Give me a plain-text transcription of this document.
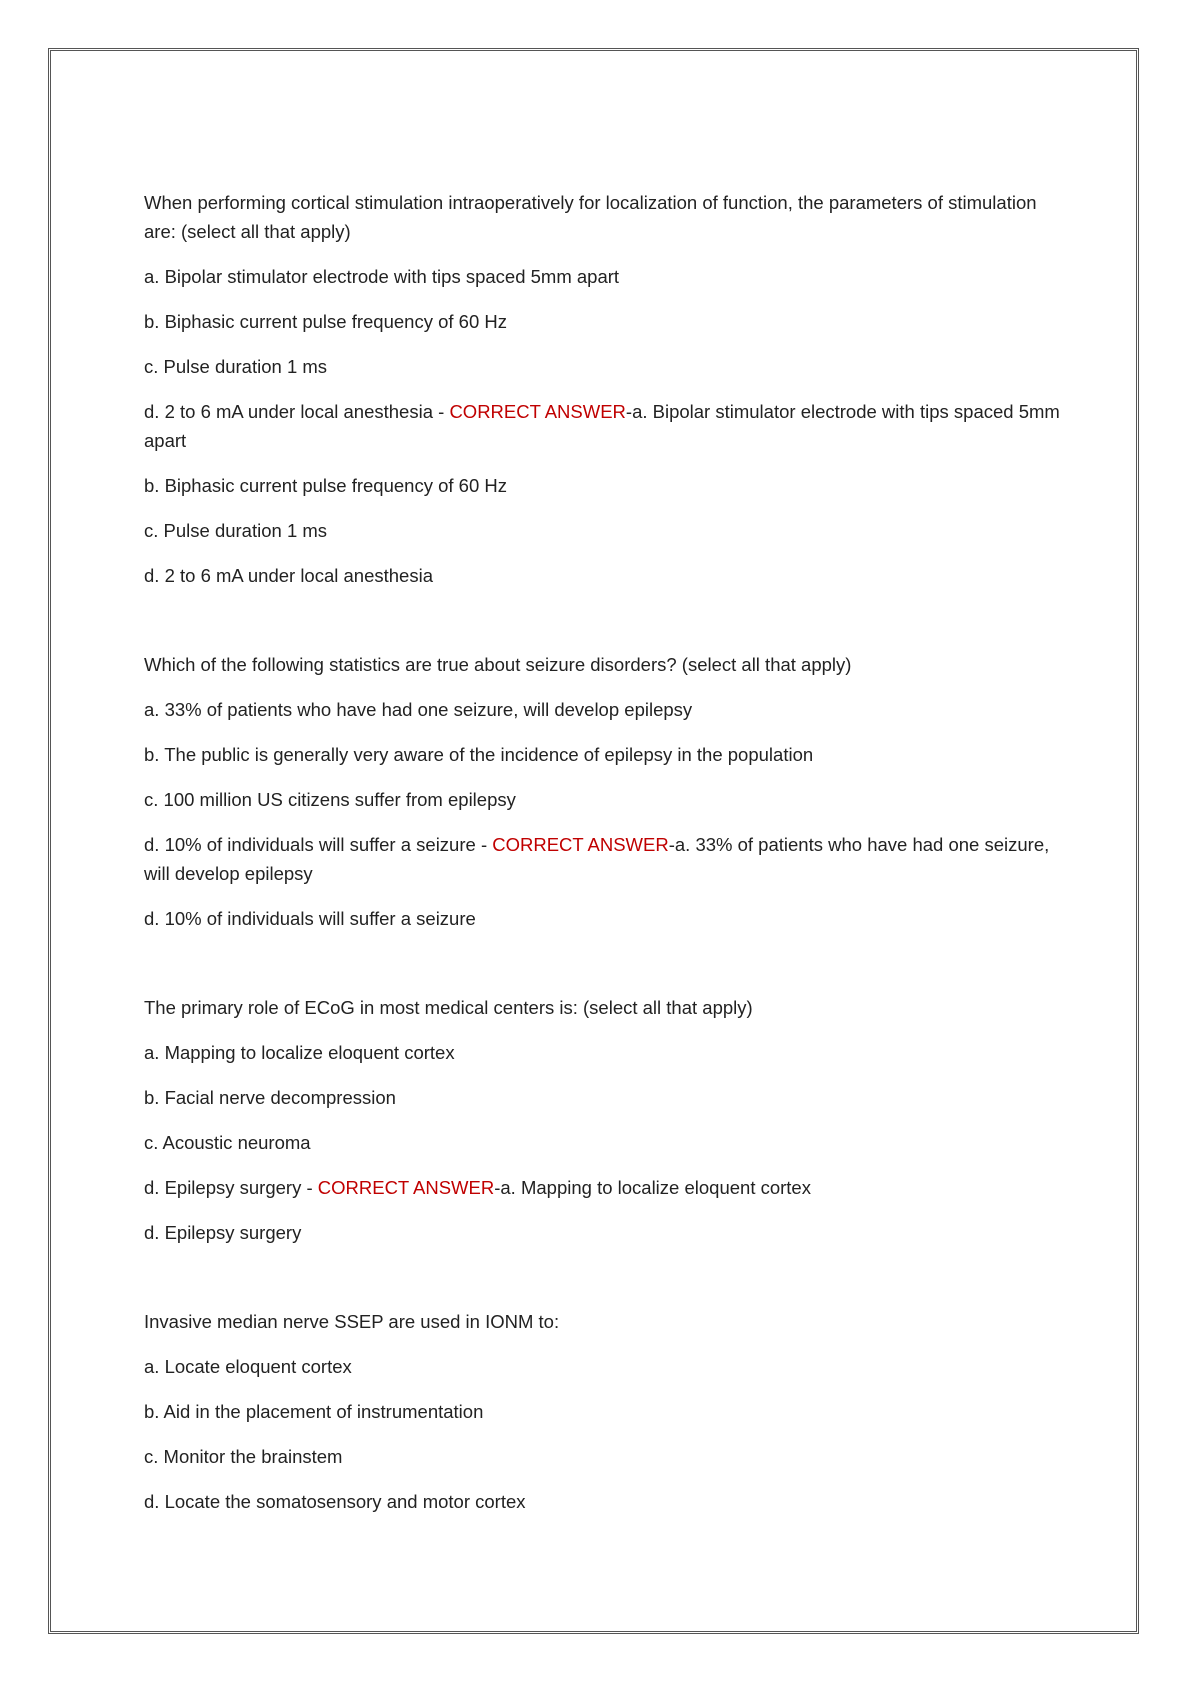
When performing cortical stimulation intraoperatively for localization of function, the parameters of stimulation are: (select all that apply)

a. Bipolar stimulator electrode with tips spaced 5mm apart

b. Biphasic current pulse frequency of 60 Hz

c. Pulse duration 1 ms

d. 2 to 6 mA under local anesthesia - CORRECT ANSWER-a. Bipolar stimulator electrode with tips spaced 5mm apart

b. Biphasic current pulse frequency of 60 Hz

c. Pulse duration 1 ms

d. 2 to 6 mA under local anesthesia

Which of the following statistics are true about seizure disorders? (select all that apply)

a. 33% of patients who have had one seizure, will develop epilepsy

b. The public is generally very aware of the incidence of epilepsy in the population

c. 100 million US citizens suffer from epilepsy

d. 10% of individuals will suffer a seizure - CORRECT ANSWER-a. 33% of patients who have had one seizure, will develop epilepsy

d. 10% of individuals will suffer a seizure

The primary role of ECoG in most medical centers is: (select all that apply)

a. Mapping to localize eloquent cortex

b. Facial nerve decompression

c. Acoustic neuroma

d. Epilepsy surgery - CORRECT ANSWER-a. Mapping to localize eloquent cortex

d. Epilepsy surgery

Invasive median nerve SSEP are used in IONM to:

a. Locate eloquent cortex

b. Aid in the placement of instrumentation

c. Monitor the brainstem

d. Locate the somatosensory and motor cortex
